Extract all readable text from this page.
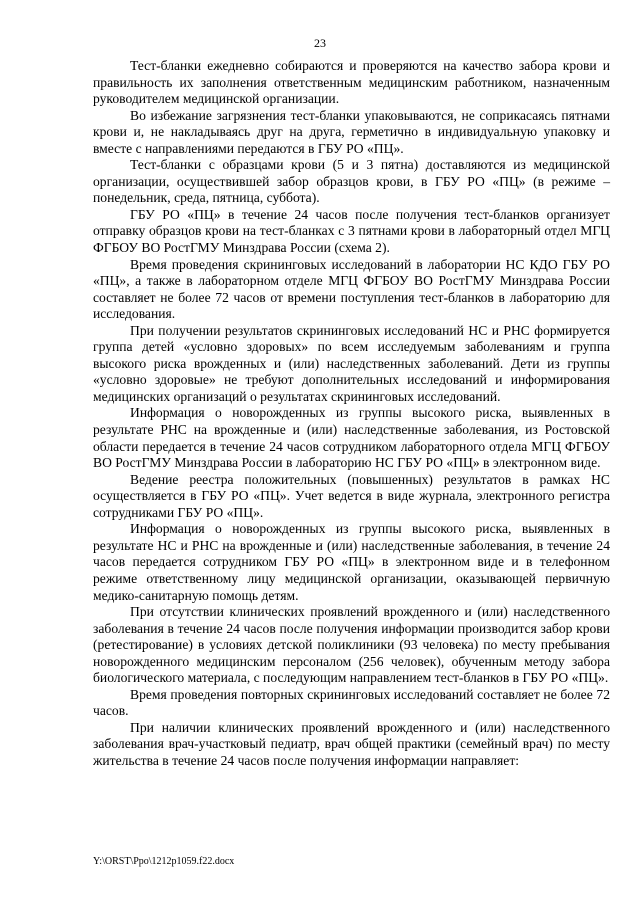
23

Тест-бланки ежедневно собираются и проверяются на качество забора крови и правильность их заполнения ответственным медицинским работником, назначенным руководителем медицинской организации.

Во избежание загрязнения тест-бланки упаковываются, не соприкасаясь пятнами крови и, не накладываясь друг на друга, герметично в индивидуальную упаковку и вместе с направлениями передаются в ГБУ РО «ПЦ».

Тест-бланки с образцами крови (5 и 3 пятна) доставляются из медицинской организации, осуществившей забор образцов крови, в ГБУ РО «ПЦ» (в режиме – понедельник, среда, пятница, суббота).

ГБУ РО «ПЦ» в течение 24 часов после получения тест-бланков организует отправку образцов крови на тест-бланках с 3 пятнами крови в лабораторный отдел МГЦ ФГБОУ ВО РостГМУ Минздрава России (схема 2).

Время проведения скрининговых исследований в лаборатории НС КДО ГБУ РО «ПЦ», а также в лабораторном отделе МГЦ ФГБОУ ВО РостГМУ Минздрава России составляет не более 72 часов от времени поступления тест-бланков в лабораторию для исследования.

При получении результатов скрининговых исследований НС и РНС формируется группа детей «условно здоровых» по всем исследуемым заболеваниям и группа высокого риска врожденных и (или) наследственных заболеваний. Дети из группы «условно здоровые» не требуют дополнительных исследований и информирования медицинских организаций о результатах скрининговых исследований.

Информация о новорожденных из группы высокого риска, выявленных в результате РНС на врожденные и (или) наследственные заболевания, из Ростовской области передается в течение 24 часов сотрудником лабораторного отдела МГЦ ФГБОУ ВО РостГМУ Минздрава России в лабораторию НС ГБУ РО «ПЦ» в электронном виде.

Ведение реестра положительных (повышенных) результатов в рамках НС осуществляется в ГБУ РО «ПЦ». Учет ведется в виде журнала, электронного регистра сотрудниками ГБУ РО «ПЦ».

Информация о новорожденных из группы высокого риска, выявленных в результате НС и РНС на врожденные и (или) наследственные заболевания, в течение 24 часов передается сотрудником ГБУ РО «ПЦ» в электронном виде и в телефонном режиме ответственному лицу медицинской организации, оказывающей первичную медико-санитарную помощь детям.

При отсутствии клинических проявлений врожденного и (или) наследственного заболевания в течение 24 часов после получения информации производится забор крови (ретестирование) в условиях детской поликлиники (93 человека) по месту пребывания новорожденного медицинским персоналом (256 человек), обученным методу забора биологического материала, с последующим направлением тест-бланков в ГБУ РО «ПЦ».

Время проведения повторных скрининговых исследований составляет не более 72 часов.

При наличии клинических проявлений врожденного и (или) наследственного заболевания врач-участковый педиатр, врач общей практики (семейный врач) по месту жительства в течение 24 часов после получения информации направляет:

Y:\ORST\Ppo\1212p1059.f22.docx
